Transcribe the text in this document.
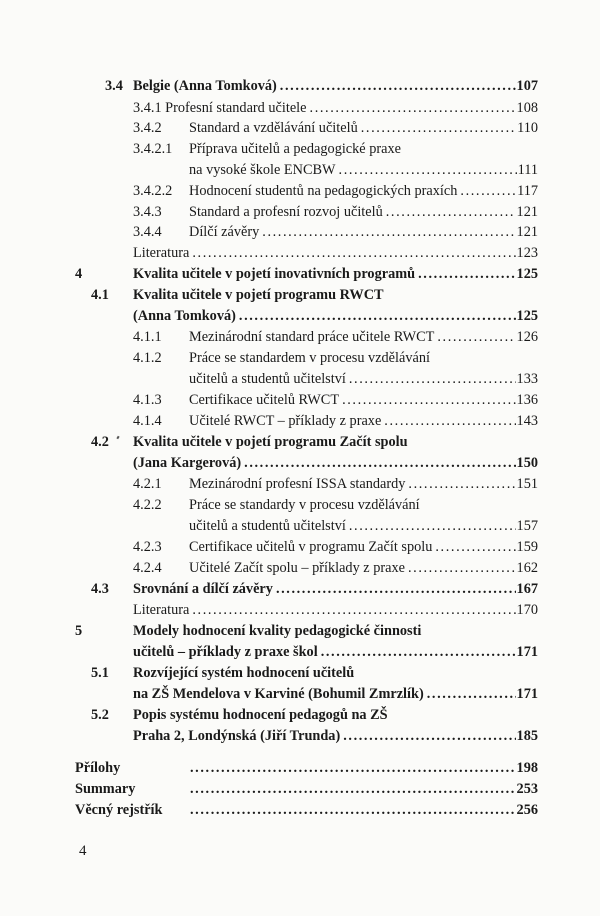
3.4 Belgie (Anna Tomková) .....	107
3.4.1 Profesní standard učitele .....	108
3.4.2 Standard a vzdělávání učitelů .....	110
3.4.2.1 Příprava učitelů a pedagogické praxe
na vysoké škole ENCBW .....	111
3.4.2.2 Hodnocení studentů na pedagogických praxích .....	117
3.4.3 Standard a profesní rozvoj učitelů .....	121
3.4.4 Dílčí závěry .....	121
Literatura .....	123
4	Kvalita učitele v pojetí inovativních programů .....	125
4.1 Kvalita učitele v pojetí programu RWCT
(Anna Tomková) .....	125
4.1.1 Mezinárodní standard práce učitele RWCT .....	126
4.1.2 Práce se standardem v procesu vzdělávání
učitelů a studentů učitelství .....	133
4.1.3 Certifikace učitelů RWCT .....	136
4.1.4 Učitelé RWCT – příklady z praxe .....	143
4.2 Kvalita učitele v pojetí programu Začít spolu
(Jana Kargerová) .....	150
4.2.1 Mezinárodní profesní ISSA standardy .....	151
4.2.2 Práce se standardy v procesu vzdělávání
učitelů a studentů učitelství .....	157
4.2.3 Certifikace učitelů v programu Začít spolu .....	159
4.2.4 Učitelé Začít spolu – příklady z praxe .....	162
4.3 Srovnání a dílčí závěry .....	167
Literatura .....	170
5	Modely hodnocení kvality pedagogické činnosti
učitelů – příklady z praxe škol .....	171
5.1 Rozvíjející systém hodnocení učitelů
na ZŠ Mendelova v Karviné (Bohumil Zmrzlík) .....	171
5.2 Popis systému hodnocení pedagogů na ZŠ
Praha 2, Londýnská (Jiří Trunda) .....	185
Přílohy .....	198
Summary .....	253
Věcný rejstřík .....	256
4
